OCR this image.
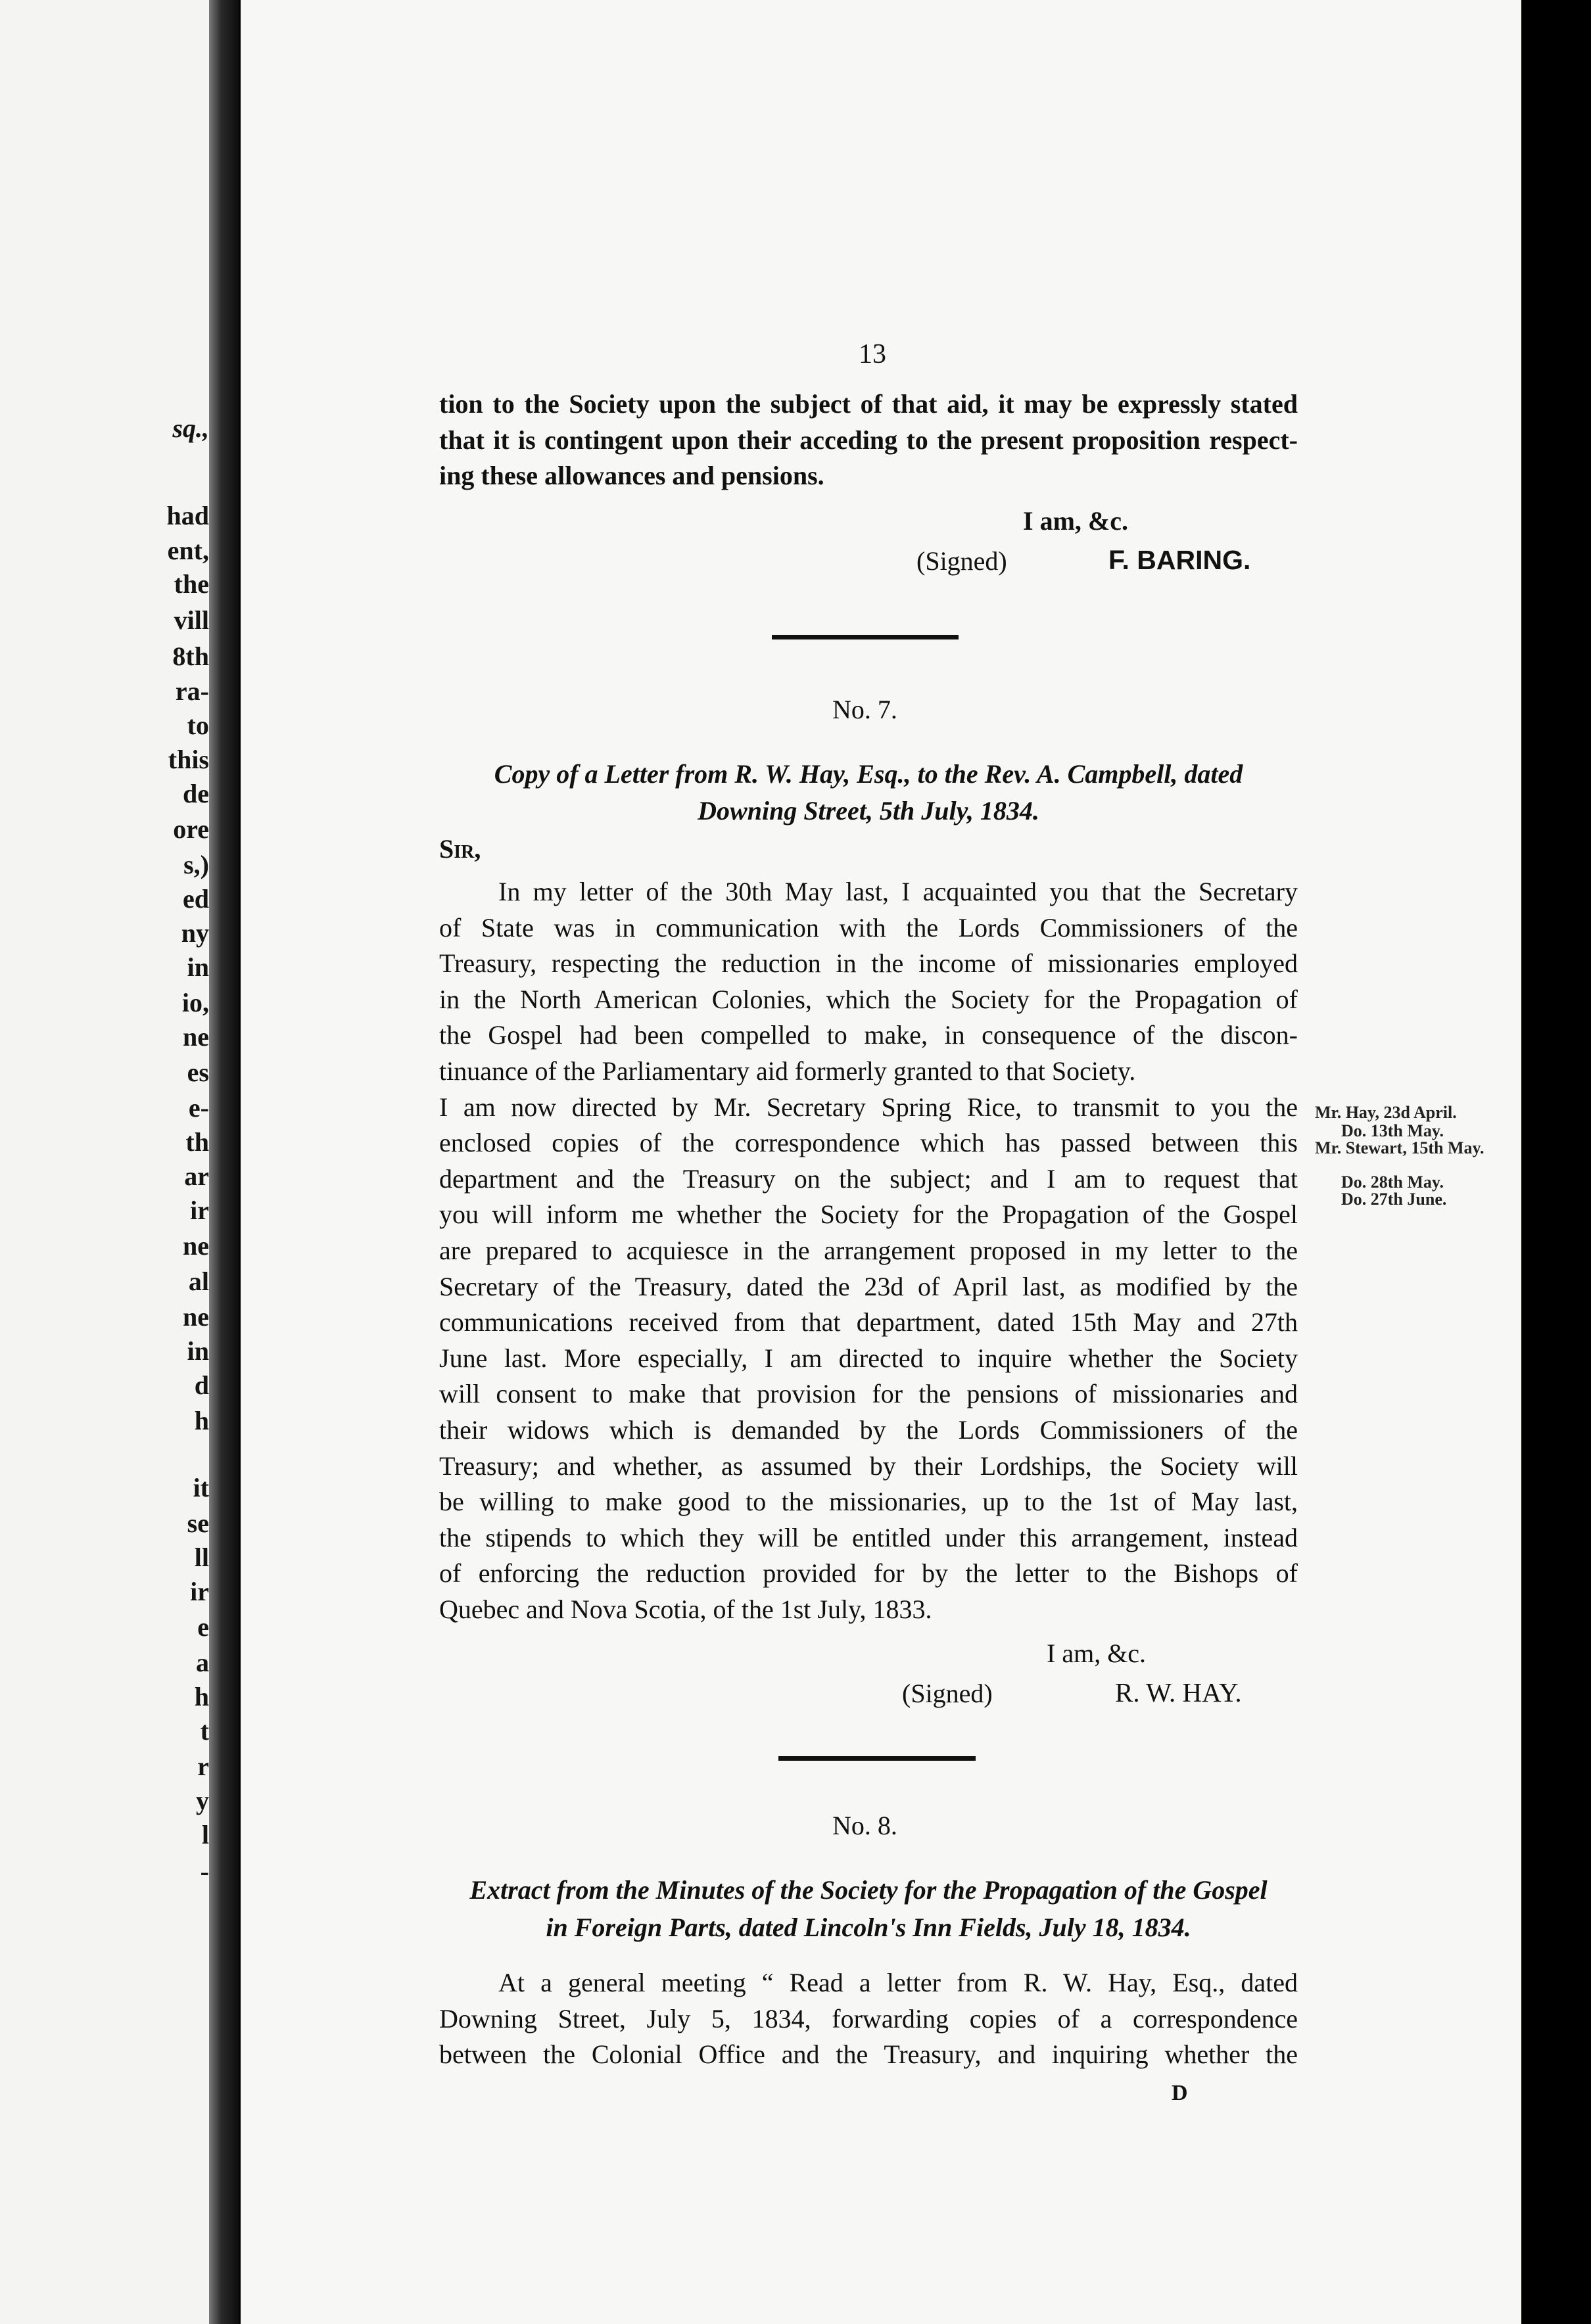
sq.,
had
ent,
the
vill
8th
ra-
to
this
de
ore
s,)
ed
ny
in
io,
ne
es
e-
th
ar
ir
ne
al
ne
in
d
h
it
se
ll
ir
e
a
h
t
r
y
l
-
13
tion to the Society upon the subject of that aid, it may be expressly stated
that it is contingent upon their acceding to the present proposition respect-
ing these allowances and pensions.
I am, &c.
(Signed)	F. BARING.
No. 7.
Copy of a Letter from R. W. Hay, Esq., to the Rev. A. Campbell, dated
Downing Street, 5th July, 1834.
Sir,
In my letter of the 30th May last, I acquainted you that the Secretary
of State was in communication with the Lords Commissioners of the
Treasury, respecting the reduction in the income of missionaries employed
in the North American Colonies, which the Society for the Propagation of
the Gospel had been compelled to make, in consequence of the discon-
tinuance of the Parliamentary aid formerly granted to that Society.
I am now directed by Mr. Secretary Spring Rice, to transmit to you the
enclosed copies of the correspondence which has passed between this
department and the Treasury on the subject; and I am to request that
you will inform me whether the Society for the Propagation of the Gospel
are prepared to acquiesce in the arrangement proposed in my letter to the
Secretary of the Treasury, dated the 23d of April last, as modified by the
communications received from that department, dated 15th May and 27th
June last. More especially, I am directed to inquire whether the Society
will consent to make that provision for the pensions of missionaries and
their widows which is demanded by the Lords Commissioners of the
Treasury; and whether, as assumed by their Lordships, the Society will
be willing to make good to the missionaries, up to the 1st of May last,
the stipends to which they will be entitled under this arrangement, instead
of enforcing the reduction provided for by the letter to the Bishops of
Quebec and Nova Scotia, of the 1st July, 1833.
Mr. Hay, 23d April.
Do. 13th May.
Mr. Stewart, 15th May.
Do. 28th May.
Do. 27th June.
I am, &c.
(Signed)	R. W. HAY.
No. 8.
Extract from the Minutes of the Society for the Propagation of the Gospel
in Foreign Parts, dated Lincoln's Inn Fields, July 18, 1834.
At a general meeting “ Read a letter from R. W. Hay, Esq., dated
Downing Street, July 5, 1834, forwarding copies of a correspondence
between the Colonial Office and the Treasury, and inquiring whether the
D
